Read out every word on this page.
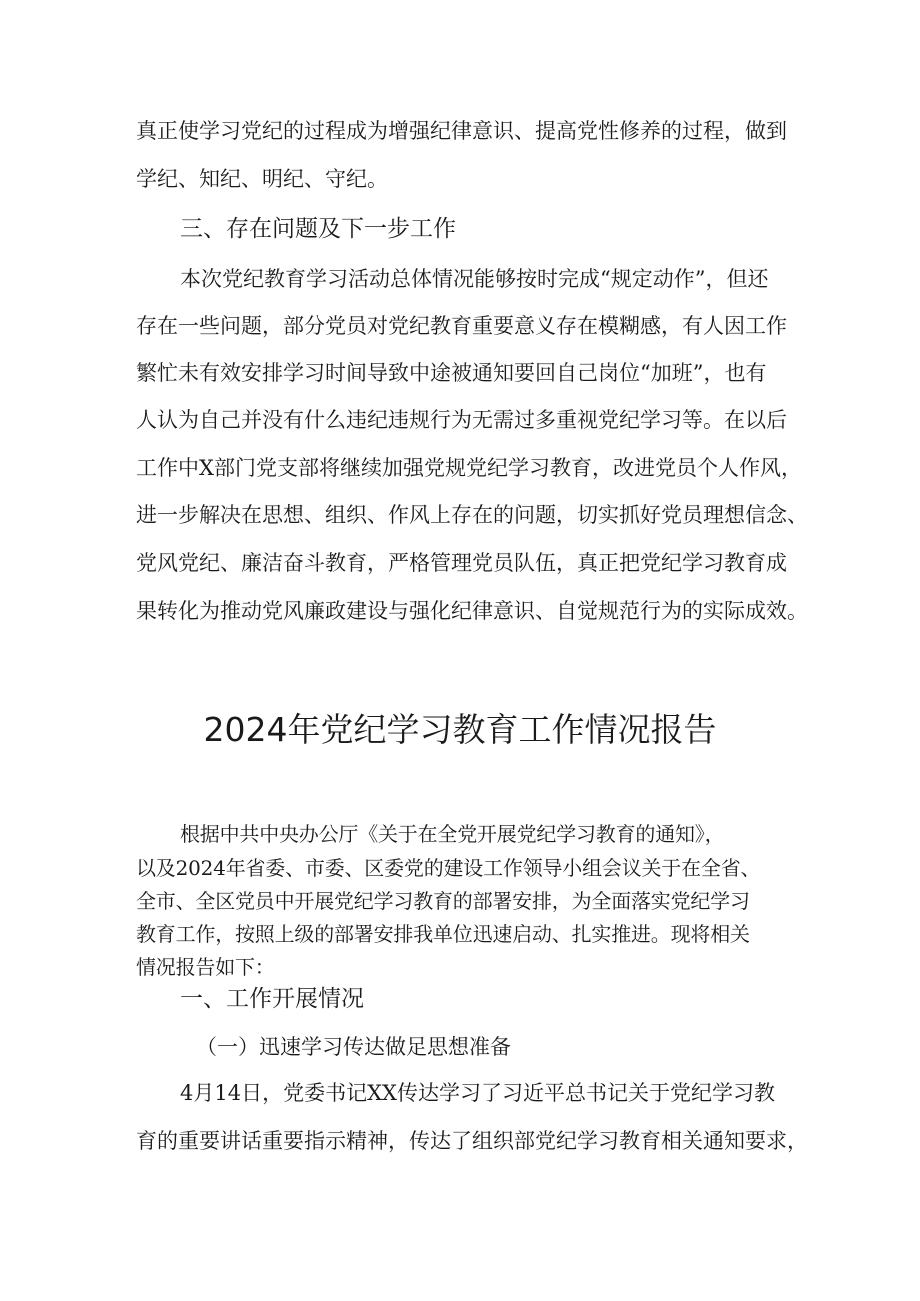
真正使学习党纪的过程成为增强纪律意识、提高党性修养的过程，做到
学纪、知纪、明纪、守纪。
三、存在问题及下一步工作
本次党纪教育学习活动总体情况能够按时完成“规定动作”，但还
存在一些问题，部分党员对党纪教育重要意义存在模糊感，有人因工作
繁忙未有效安排学习时间导致中途被通知要回自己岗位“加班”，也有
人认为自己并没有什么违纪违规行为无需过多重视党纪学习等。在以后
工作中X部门党支部将继续加强党规党纪学习教育，改进党员个人作风，
进一步解决在思想、组织、作风上存在的问题，切实抓好党员理想信念、
党风党纪、廉洁奋斗教育，严格管理党员队伍，真正把党纪学习教育成
果转化为推动党风廉政建设与强化纪律意识、自觉规范行为的实际成效。
2024年党纪学习教育工作情况报告
根据中共中央办公厅《关于在全党开展党纪学习教育的通知》，
以及2024年省委、市委、区委党的建设工作领导小组会议关于在全省、
全市、全区党员中开展党纪学习教育的部署安排，为全面落实党纪学习
教育工作，按照上级的部署安排我单位迅速启动、扎实推进。现将相关
情况报告如下：
一、工作开展情况
（一）迅速学习传达做足思想准备
4月14日，党委书记XX传达学习了习近平总书记关于党纪学习教
育的重要讲话重要指示精神，传达了组织部党纪学习教育相关通知要求，
